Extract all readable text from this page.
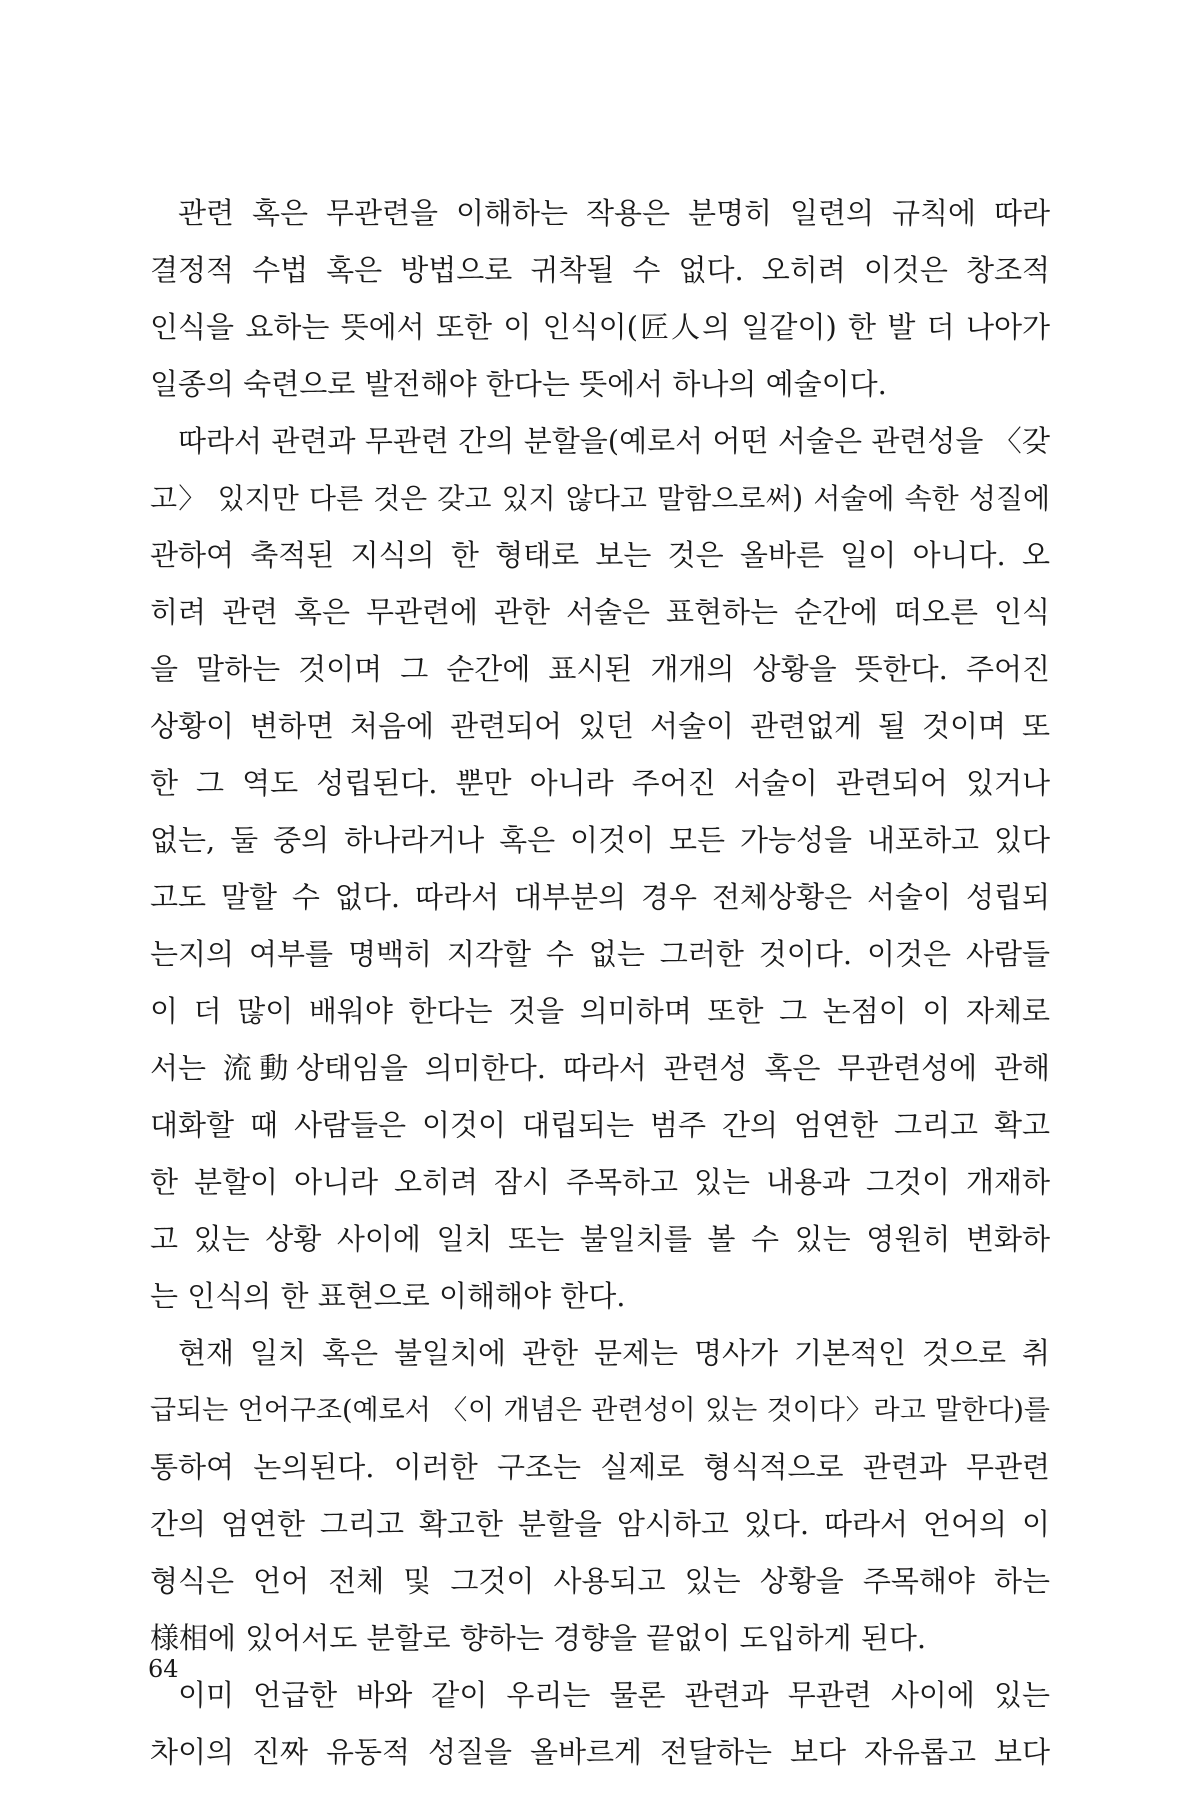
관련 혹은 무관련을 이해하는 작용은 분명히 일련의 규칙에 따라
결정적 수법 혹은 방법으로 귀착될 수 없다. 오히려 이것은 창조적
인식을 요하는 뜻에서 또한 이 인식이(匠人의 일같이) 한 발 더 나아가
일종의 숙련으로 발전해야 한다는 뜻에서 하나의 예술이다.
따라서 관련과 무관련 간의 분할을(예로서 어떤 서술은 관련성을 〈갖
고〉 있지만 다른 것은 갖고 있지 않다고 말함으로써) 서술에 속한 성질에
관하여 축적된 지식의 한 형태로 보는 것은 올바른 일이 아니다. 오
히려 관련 혹은 무관련에 관한 서술은 표현하는 순간에 떠오른 인식
을 말하는 것이며 그 순간에 표시된 개개의 상황을 뜻한다. 주어진
상황이 변하면 처음에 관련되어 있던 서술이 관련없게 될 것이며 또
한 그 역도 성립된다. 뿐만 아니라 주어진 서술이 관련되어 있거나
없는, 둘 중의 하나라거나 혹은 이것이 모든 가능성을 내포하고 있다
고도 말할 수 없다. 따라서 대부분의 경우 전체상황은 서술이 성립되
는지의 여부를 명백히 지각할 수 없는 그러한 것이다. 이것은 사람들
이 더 많이 배워야 한다는 것을 의미하며 또한 그 논점이 이 자체로
서는 流動상태임을 의미한다. 따라서 관련성 혹은 무관련성에 관해
대화할 때 사람들은 이것이 대립되는 범주 간의 엄연한 그리고 확고
한 분할이 아니라 오히려 잠시 주목하고 있는 내용과 그것이 개재하
고 있는 상황 사이에 일치 또는 불일치를 볼 수 있는 영원히 변화하
는 인식의 한 표현으로 이해해야 한다.
현재 일치 혹은 불일치에 관한 문제는 명사가 기본적인 것으로 취
급되는 언어구조(예로서 〈이 개념은 관련성이 있는 것이다〉라고 말한다)를
통하여 논의된다. 이러한 구조는 실제로 형식적으로 관련과 무관련
간의 엄연한 그리고 확고한 분할을 암시하고 있다. 따라서 언어의 이
형식은 언어 전체 및 그것이 사용되고 있는 상황을 주목해야 하는
様相에 있어서도 분할로 향하는 경향을 끝없이 도입하게 된다.
이미 언급한 바와 같이 우리는 물론 관련과 무관련 사이에 있는
차이의 진짜 유동적 성질을 올바르게 전달하는 보다 자유롭고 보다
64
